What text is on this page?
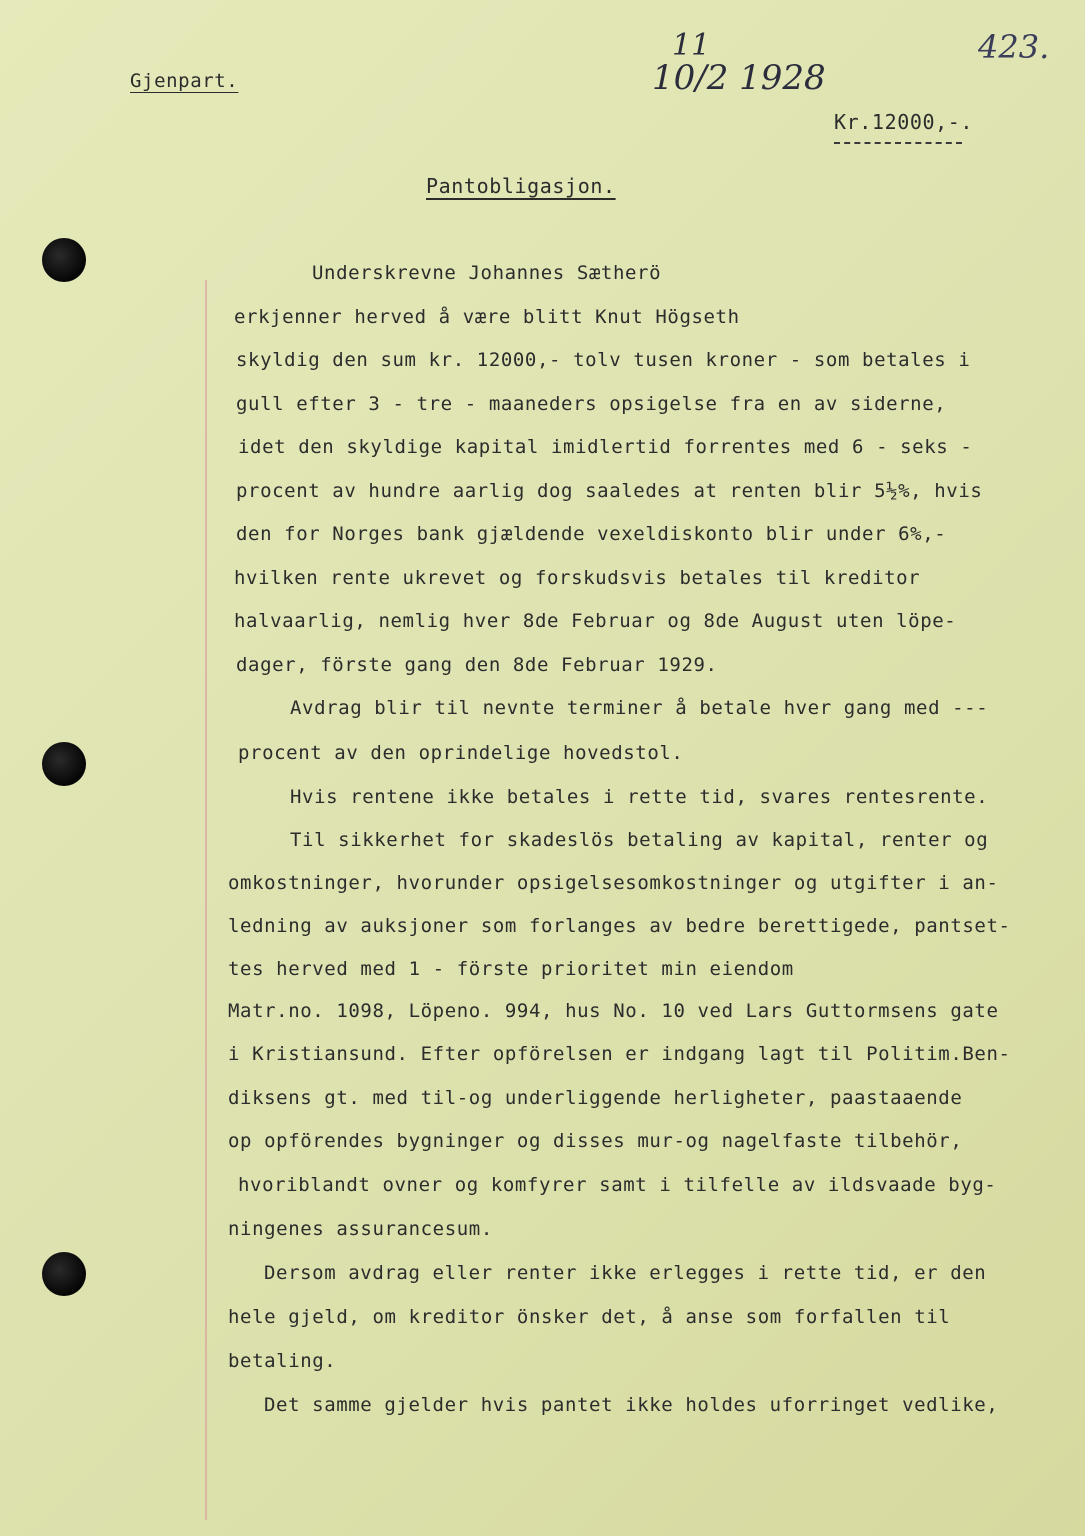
Gjenpart.
11
10/2 1928
423.
Kr.12000,-.
Pantobligasjon.
Underskrevne Johannes Sætherö
erkjenner herved å være blitt Knut Högseth
skyldig den sum kr. 12000,- tolv tusen kroner - som betales i
gull efter 3 - tre - maaneders opsigelse fra en av siderne,
idet den skyldige kapital imidlertid forrentes med 6 - seks -
procent av hundre aarlig dog saaledes at renten blir 5½%, hvis
den for Norges bank gjældende vexeldiskonto blir under 6%,-
hvilken rente ukrevet og forskudsvis betales til kreditor
halvaarlig, nemlig hver 8de Februar og 8de August uten löpe-
dager, förste gang den 8de Februar 1929.
Avdrag blir til nevnte terminer å betale hver gang med ---
procent av den oprindelige hovedstol.
Hvis rentene ikke betales i rette tid, svares rentesrente.
Til sikkerhet for skadeslös betaling av kapital, renter og
omkostninger, hvorunder opsigelsesomkostninger og utgifter i an-
ledning av auksjoner som forlanges av bedre berettigede, pantset-
tes herved med 1 - förste prioritet min eiendom
Matr.no. 1098, Löpeno. 994, hus No. 10 ved Lars Guttormsens gate
i Kristiansund. Efter opförelsen er indgang lagt til Politim.Ben-
diksens gt. med til-og underliggende herligheter, paastaaende
op opförendes bygninger og disses mur-og nagelfaste tilbehör,
hvoriblandt ovner og komfyrer samt i tilfelle av ildsvaade byg-
ningenes assurancesum.
Dersom avdrag eller renter ikke erlegges i rette tid, er den
hele gjeld, om kreditor önsker det, å anse som forfallen til
betaling.
Det samme gjelder hvis pantet ikke holdes uforringet vedlike,
